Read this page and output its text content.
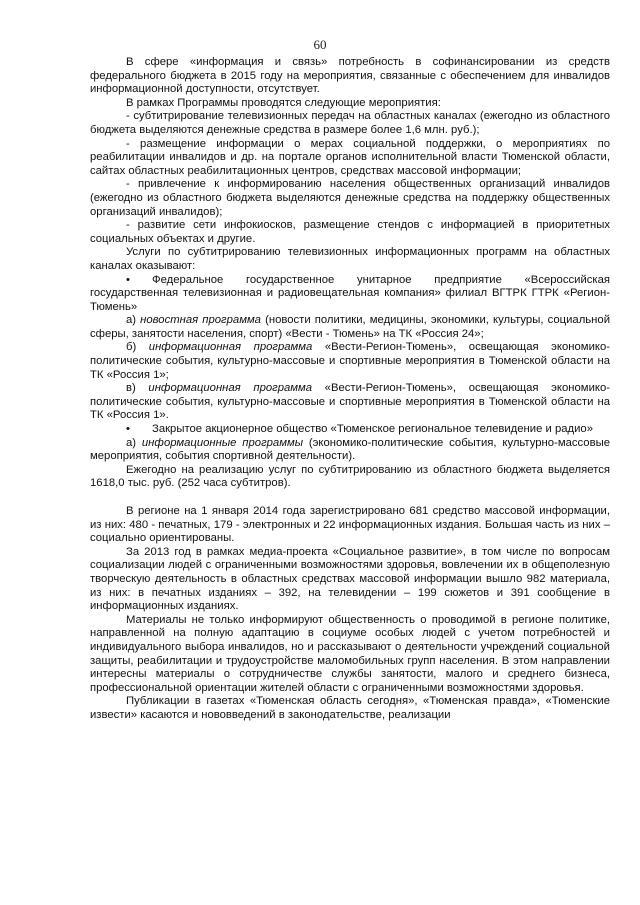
60

В сфере «информация и связь» потребность в софинансировании из средств федерального бюджета в 2015 году на мероприятия, связанные с обеспечением для инвалидов информационной доступности, отсутствует.

В рамках Программы проводятся следующие мероприятия:

- субтитрирование телевизионных передач на областных каналах (ежегодно из областного бюджета выделяются денежные средства в размере более 1,6 млн. руб.);

- размещение информации о мерах социальной поддержки, о мероприятиях по реабилитации инвалидов и др. на портале органов исполнительной власти Тюменской области, сайтах областных реабилитационных центров, средствах массовой информации;

- привлечение к информированию населения общественных организаций инвалидов (ежегодно из областного бюджета выделяются денежные средства на поддержку общественных организаций инвалидов);

- развитие сети инфокиосков, размещение стендов с информацией в приоритетных социальных объектах и другие.

Услуги по субтитрированию телевизионных информационных программ на областных каналах оказывают:

• Федеральное государственное унитарное предприятие «Всероссийская государственная телевизионная и радиовещательная компания» филиал ВГТРК ГТРК «Регион-Тюмень»

а) новостная программа (новости политики, медицины, экономики, культуры, социальной сферы, занятости населения, спорт) «Вести - Тюмень» на ТК «Россия 24»;

б) информационная программа «Вести-Регион-Тюмень», освещающая экономико-политические события, культурно-массовые и спортивные мероприятия в Тюменской области на ТК «Россия 1»;

в) информационная программа «Вести-Регион-Тюмень», освещающая экономико-политические события, культурно-массовые и спортивные мероприятия в Тюменской области на ТК «Россия 1».

• Закрытое акционерное общество «Тюменское региональное телевидение и радио»

а) информационные программы (экономико-политические события, культурно-массовые мероприятия, события спортивной деятельности).

Ежегодно на реализацию услуг по субтитрированию из областного бюджета выделяется 1618,0 тыс. руб. (252 часа субтитров).

В регионе на 1 января 2014 года зарегистрировано 681 средство массовой информации, из них: 480 - печатных, 179 - электронных и 22 информационных издания. Большая часть из них – социально ориентированы.

За 2013 год в рамках медиа-проекта «Социальное развитие», в том числе по вопросам социализации людей с ограниченными возможностями здоровья, вовлечении их в общеполезную творческую деятельность в областных средствах массовой информации вышло 982 материала, из них: в печатных изданиях – 392, на телевидении – 199 сюжетов и 391 сообщение в информационных изданиях.

Материалы не только информируют общественность о проводимой в регионе политике, направленной на полную адаптацию в социуме особых людей с учетом потребностей и индивидуального выбора инвалидов, но и рассказывают о деятельности учреждений социальной защиты, реабилитации и трудоустройстве маломобильных групп населения. В этом направлении интересны материалы о сотрудничестве службы занятости, малого и среднего бизнеса, профессиональной ориентации жителей области с ограниченными возможностями здоровья.

Публикации в газетах «Тюменская область сегодня», «Тюменская правда», «Тюменские извести» касаются и нововведений в законодательстве, реализации
